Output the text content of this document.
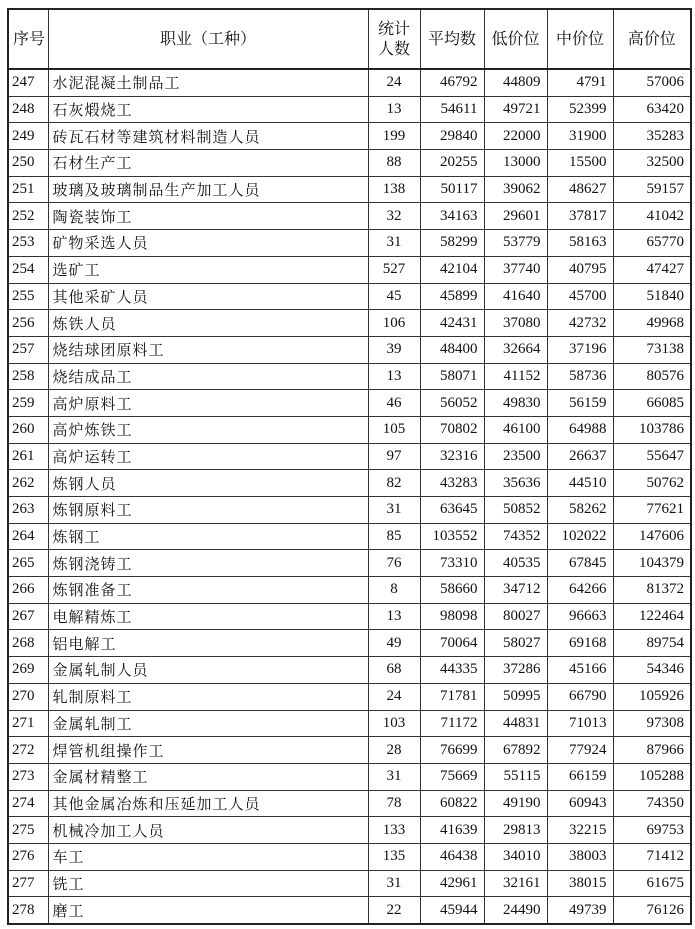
序号	职业（工种）	统计人数	平均数	低价位	中价位	高价位
247	水泥混凝土制品工	24	46792	44809	4791	57006
248	石灰煅烧工	13	54611	49721	52399	63420
249	砖瓦石材等建筑材料制造人员	199	29840	22000	31900	35283
250	石材生产工	88	20255	13000	15500	32500
251	玻璃及玻璃制品生产加工人员	138	50117	39062	48627	59157
252	陶瓷装饰工	32	34163	29601	37817	41042
253	矿物采选人员	31	58299	53779	58163	65770
254	选矿工	527	42104	37740	40795	47427
255	其他采矿人员	45	45899	41640	45700	51840
256	炼铁人员	106	42431	37080	42732	49968
257	烧结球团原料工	39	48400	32664	37196	73138
258	烧结成品工	13	58071	41152	58736	80576
259	高炉原料工	46	56052	49830	56159	66085
260	高炉炼铁工	105	70802	46100	64988	103786
261	高炉运转工	97	32316	23500	26637	55647
262	炼钢人员	82	43283	35636	44510	50762
263	炼钢原料工	31	63645	50852	58262	77621
264	炼钢工	85	103552	74352	102022	147606
265	炼钢浇铸工	76	73310	40535	67845	104379
266	炼钢准备工	8	58660	34712	64266	81372
267	电解精炼工	13	98098	80027	96663	122464
268	铝电解工	49	70064	58027	69168	89754
269	金属轧制人员	68	44335	37286	45166	54346
270	轧制原料工	24	71781	50995	66790	105926
271	金属轧制工	103	71172	44831	71013	97308
272	焊管机组操作工	28	76699	67892	77924	87966
273	金属材精整工	31	75669	55115	66159	105288
274	其他金属冶炼和压延加工人员	78	60822	49190	60943	74350
275	机械冷加工人员	133	41639	29813	32215	69753
276	车工	135	46438	34010	38003	71412
277	铣工	31	42961	32161	38015	61675
278	磨工	22	45944	24490	49739	76126
